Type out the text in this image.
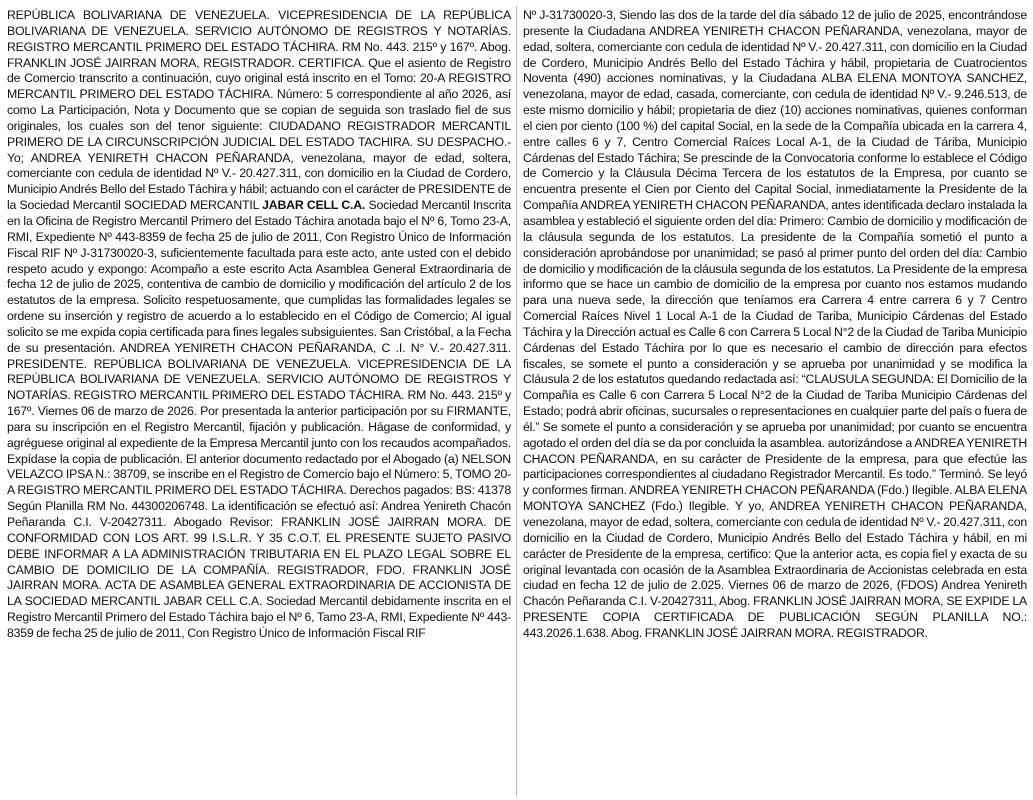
REPÚBLICA BOLIVARIANA DE VENEZUELA. VICEPRESIDENCIA DE LA REPÚBLICA BOLIVARIANA DE VENEZUELA. SERVICIO AUTÓNOMO DE REGISTROS Y NOTARÍAS. REGISTRO MERCANTIL PRIMERO DEL ESTADO TÁCHIRA. RM No. 443. 215º y 167º. Abog. FRANKLIN JOSÉ JAIRRAN MORA, REGISTRADOR. CERTIFICA. Que el asiento de Registro de Comercio transcrito a continuación, cuyo original está inscrito en el Tomo: 20-A REGISTRO MERCANTIL PRIMERO DEL ESTADO TÁCHIRA. Número: 5 correspondiente al año 2026, así como La Participación, Nota y Documento que se copian de seguida son traslado fiel de sus originales, los cuales son del tenor siguiente: CIUDADANO REGISTRADOR MERCANTIL PRIMERO DE LA CIRCUNSCRIPCIÓN JUDICIAL DEL ESTADO TACHIRA. SU DESPACHO.- Yo; ANDREA YENIRETH CHACON PEÑARANDA, venezolana, mayor de edad, soltera, comerciante con cedula de identidad Nº V.- 20.427.311, con domicilio en la Ciudad de Cordero, Municipio Andrés Bello del Estado Táchira y hábil; actuando con el carácter de PRESIDENTE de la Sociedad Mercantil SOCIEDAD MERCANTIL JABAR CELL C.A. Sociedad Mercantil Inscrita en la Oficina de Registro Mercantil Primero del Estado Táchira anotada bajo el Nº 6, Tomo 23-A, RMI, Expediente Nº 443-8359 de fecha 25 de julio de 2011, Con Registro Único de Información Fiscal RIF Nº J-31730020-3, suficientemente facultada para este acto, ante usted con el debido respeto acudo y expongo: Acompaño a este escrito Acta Asamblea General Extraordinaria de fecha 12 de julio de 2025, contentiva de cambio de domicilio y modificación del artículo 2 de los estatutos de la empresa. Solicito respetuosamente, que cumplidas las formalidades legales se ordene su inserción y registro de acuerdo a lo establecido en el Código de Comercio; Al igual solicito se me expida copia certificada para fines legales subsiguientes. San Cristóbal, a la Fecha de su presentación. ANDREA YENIRETH CHACON PEÑARANDA, C .I. N° V.- 20.427.311. PRESIDENTE. REPÚBLICA BOLIVARIANA DE VENEZUELA. VICEPRESIDENCIA DE LA REPÚBLICA BOLIVARIANA DE VENEZUELA. SERVICIO AUTÓNOMO DE REGISTROS Y NOTARÍAS. REGISTRO MERCANTIL PRIMERO DEL ESTADO TÁCHIRA. RM No. 443. 215º y 167º. Viernes 06 de marzo de 2026. Por presentada la anterior participación por su FIRMANTE, para su inscripción en el Registro Mercantil, fijación y publicación. Hágase de conformidad, y agréguese original al expediente de la Empresa Mercantil junto con los recaudos acompañados. Expídase la copia de publicación. El anterior documento redactado por el Abogado (a) NELSON VELAZCO IPSA N.: 38709, se inscribe en el Registro de Comercio bajo el Número: 5, TOMO 20-A REGISTRO MERCANTIL PRIMERO DEL ESTADO TÁCHIRA. Derechos pagados: BS: 41378 Según Planilla RM No. 44300206748. La identificación se efectuó así: Andrea Yenireth Chacón Peñaranda C.I. V-20427311. Abogado Revisor: FRANKLIN JOSÉ JAIRRAN MORA. DE CONFORMIDAD CON LOS ART. 99 I.S.L.R. Y 35 C.O.T. EL PRESENTE SUJETO PASIVO DEBE INFORMAR A LA ADMINISTRACIÓN TRIBUTARIA EN EL PLAZO LEGAL SOBRE EL CAMBIO DE DOMICILIO DE LA COMPAÑÍA. REGISTRADOR, FDO. FRANKLIN JOSÉ JAIRRAN MORA. ACTA DE ASAMBLEA GENERAL EXTRAORDINARIA DE ACCIONISTA DE LA SOCIEDAD MERCANTIL JABAR CELL C.A. Sociedad Mercantil debidamente inscrita en el Registro Mercantil Primero del Estado Táchira bajo el Nº 6, Tamo 23-A, RMI, Expediente Nº 443-8359 de fecha 25 de julio de 2011, Con Registro Único de Información Fiscal RIF

Nº J-31730020-3, Siendo las dos de la tarde del día sábado 12 de julio de 2025, encontrándose presente la Ciudadana ANDREA YENIRETH CHACON PEÑARANDA, venezolana, mayor de edad, soltera, comerciante con cedula de identidad Nº V.- 20.427.311, con domicilio en la Ciudad de Cordero, Municipio Andrés Bello del Estado Táchira y hábil, propietaria de Cuatrocientos Noventa (490) acciones nominativas, y la Ciudadana ALBA ELENA MONTOYA SANCHEZ, venezolana, mayor de edad, casada, comerciante, con cedula de identidad Nº V.- 9.246.513, de este mismo domicilio y hábil; propietaria de diez (10) acciones nominativas, quienes conforman el cien por ciento (100 %) del capital Social, en la sede de la Compañía ubicada en la carrera 4, entre calles 6 y 7, Centro Comercial Raíces Local A-1, de la Ciudad de Táriba, Municipio Cárdenas del Estado Táchira; Se prescinde de la Convocatoria conforme lo establece el Código de Comercio y la Cláusula Décima Tercera de los estatutos de la Empresa, por cuanto se encuentra presente el Cien por Ciento del Capital Social, inmediatamente la Presidente de la Compañía ANDREA YENIRETH CHACON PEÑARANDA, antes identificada declaro instalada la asamblea y estableció el siguiente orden del día: Primero: Cambio de domicilio y modificación de la cláusula segunda de los estatutos. La presidente de la Compañía sometió el punto a consideración aprobándose por unanimidad; se pasó al primer punto del orden del día: Cambio de domicilio y modificación de la cláusula segunda de los estatutos. La Presidente de la empresa informo que se hace un cambio de domicilio de la empresa por cuanto nos estamos mudando para una nueva sede, la dirección que teníamos era Carrera 4 entre carrera 6 y 7 Centro Comercial Raíces Nivel 1 Local A-1 de la Ciudad de Tariba, Municipio Cárdenas del Estado Táchira y la Dirección actual es Calle 6 con Carrera 5 Local N°2 de la Ciudad de Tariba Municipio Cárdenas del Estado Táchira por lo que es necesario el cambio de dirección para efectos fiscales, se somete el punto a consideración y se aprueba por unanimidad y se modifica la Cláusula 2 de los estatutos quedando redactada así: “CLAUSULA SEGUNDA: El Domicilio de la Compañía es Calle 6 con Carrera 5 Local N°2 de la Ciudad de Tariba Municipio Cárdenas del Estado; podrá abrir oficinas, sucursales o representaciones en cualquier parte del país o fuera de él.” Se somete el punto a consideración y se aprueba por unanimidad; por cuanto se encuentra agotado el orden del día se da por concluida la asamblea. autorizándose a ANDREA YENIRETH CHACON PEÑARANDA, en su carácter de Presidente de la empresa, para que efectúe las participaciones correspondientes al ciudadano Registrador Mercantil. Es todo.” Terminó. Se leyó y conformes firman. ANDREA YENIRETH CHACON PEÑARANDA (Fdo.) Ilegible. ALBA ELENA MONTOYA SANCHEZ (Fdo.) Ilegible. Y yo, ANDREA YENIRETH CHACON PEÑARANDA, venezolana, mayor de edad, soltera, comerciante con cedula de identidad Nº V.- 20.427.311, con domicilio en la Ciudad de Cordero, Municipio Andrés Bello del Estado Táchira y hábil, en mi carácter de Presidente de la empresa, certifico: Que la anterior acta, es copia fiel y exacta de su original levantada con ocasión de la Asamblea Extraordinaria de Accionistas celebrada en esta ciudad en fecha 12 de julio de 2.025. Viernes 06 de marzo de 2026, (FDOS) Andrea Yenireth Chacón Peñaranda C.I. V-20427311, Abog. FRANKLIN JOSÉ JAIRRAN MORA, SE EXPIDE LA PRESENTE COPIA CERTIFICADA DE PUBLICACIÓN SEGÚN PLANILLA NO.: 443.2026.1.638. Abog. FRANKLIN JOSÉ JAIRRAN MORA. REGISTRADOR.
